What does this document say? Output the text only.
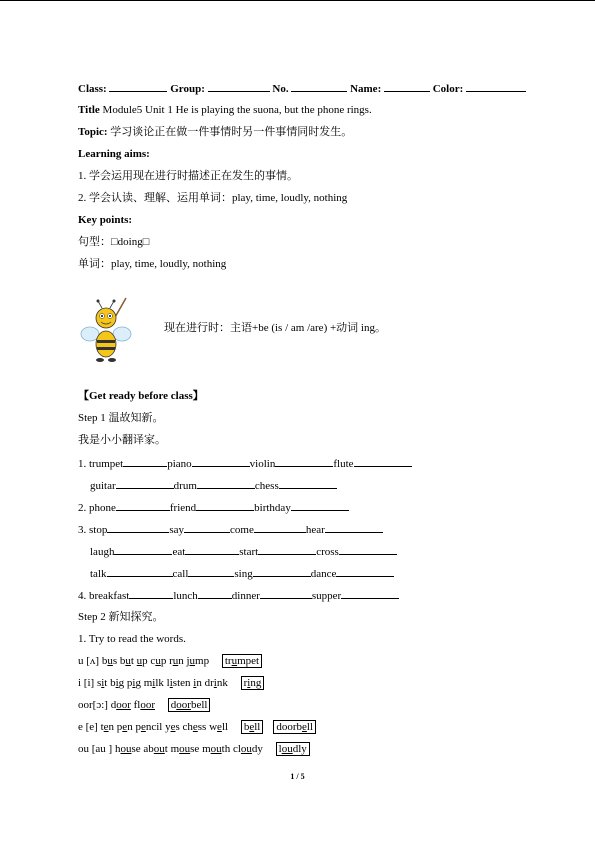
Class:	Group:	No.	Name:	Color:
Title Module5 Unit 1 He is playing the suona, but the phone rings.
Topic: 学习谈论正在做一件事情时另一件事情同时发生。
Learning aims:
1. 学会运用现在进行时描述正在发生的事情。
2. 学会认读、理解、运用单词：play, time, loudly, nothing
Key points:
句型：□doing□
单词：play, time, loudly, nothing
现在进行时：主语+be (is / am /are) +动词 ing。
【Get ready before class】
Step 1 温故知新。
我是小小翻译家。
1. trumpet	piano	violin	flute
guitar	drum	chess
2. phone	friend	birthday
3. stop	say	come	hear
laugh	eat	start	cross
talk	call	sing	dance
4. breakfast	lunch	dinner	supper
Step 2 新知探究。
1. Try to read the words.
u [ʌ] bus but up cup run jump trumpet
i [i] sit big pig milk listen in drink ring
oor[ɔ:] door floor doorbell
e [e] ten pen pencil yes chess well bell doorbell
ou [au ] house about mouse mouth cloudy loudly
1 / 5
